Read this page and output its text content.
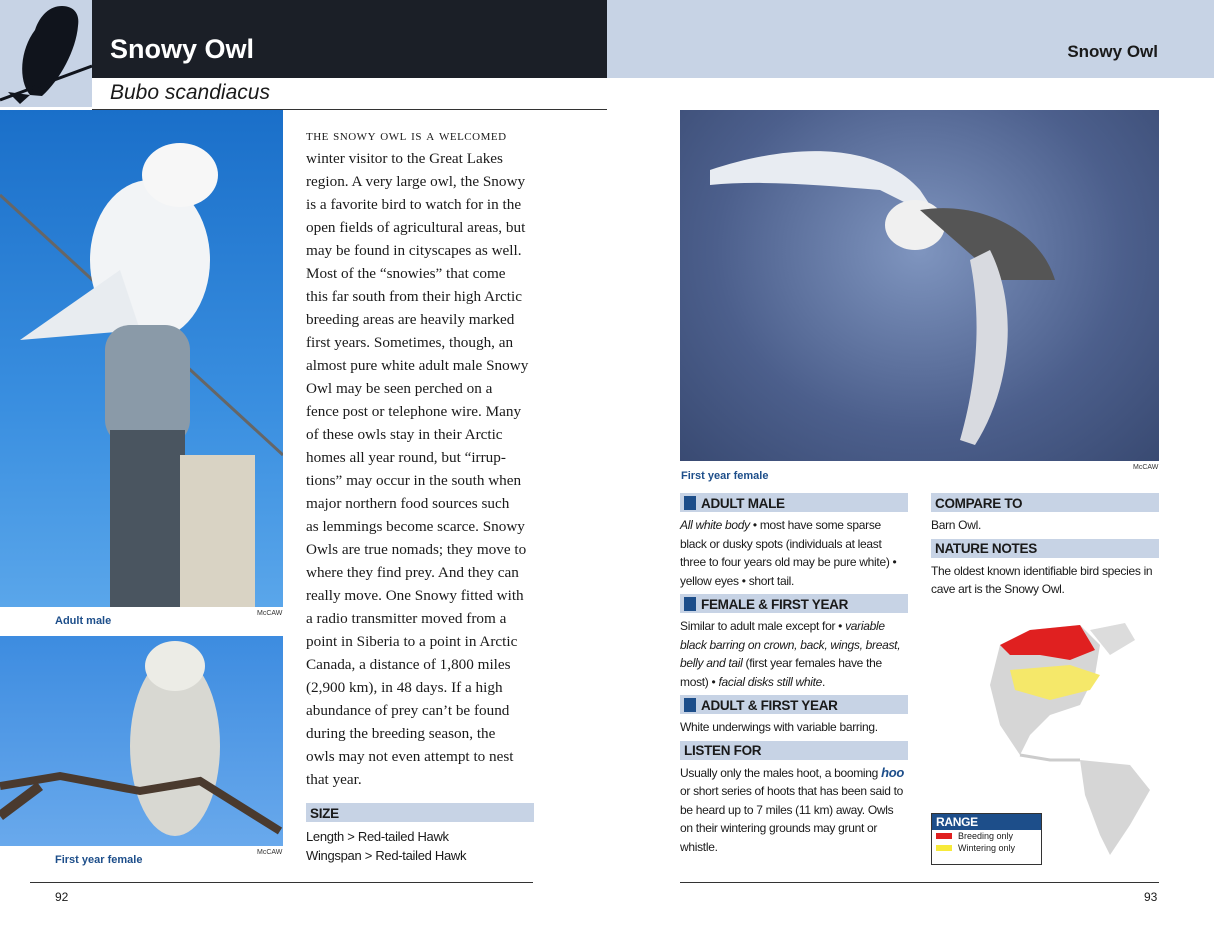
Snowy Owl
Bubo scandiacus
Snowy Owl
Adult male
McCAW
First year female
McCAW
the snowy owl is a welcomed
winter visitor to the Great Lakes
region. A very large owl, the Snowy
is a favorite bird to watch for in the
open fields of agricultural areas, but
may be found in cityscapes as well.
Most of the “snowies” that come
this far south from their high Arctic
breeding areas are heavily marked
first years. Sometimes, though, an
almost pure white adult male Snowy
Owl may be seen perched on a
fence post or telephone wire. Many
of these owls stay in their Arctic
homes all year round, but “irrup-
tions” may occur in the south when
major northern food sources such
as lemmings become scarce. Snowy
Owls are true nomads; they move to
where they find prey. And they can
really move. One Snowy fitted with
a radio transmitter moved from a
point in Siberia to a point in Arctic
Canada, a distance of 1,800 miles
(2,900 km), in 48 days. If a high
abundance of prey can’t be found
during the breeding season, the
owls may not even attempt to nest
that year.
SIZE
Length > Red-tailed Hawk
Wingspan > Red-tailed Hawk
92
First year female
McCAW
ADULT MALE
All white body • most have some sparse black or dusky spots (individuals at least three to four years old may be pure white) • yellow eyes • short tail.
FEMALE & FIRST YEAR
Similar to adult male except for • variable black barring on crown, back, wings, breast, belly and tail (first year females have the most) • facial disks still white.
ADULT & FIRST YEAR
White underwings with variable barring.
LISTEN FOR
Usually only the males hoot, a booming hoo or short series of hoots that has been said to be heard up to 7 miles (11 km) away. Owls on their wintering grounds may grunt or whistle.
COMPARE TO
Barn Owl.
NATURE NOTES
The oldest known identifiable bird species in cave art is the Snowy Owl.
RANGE
Breeding only
Wintering only
93
